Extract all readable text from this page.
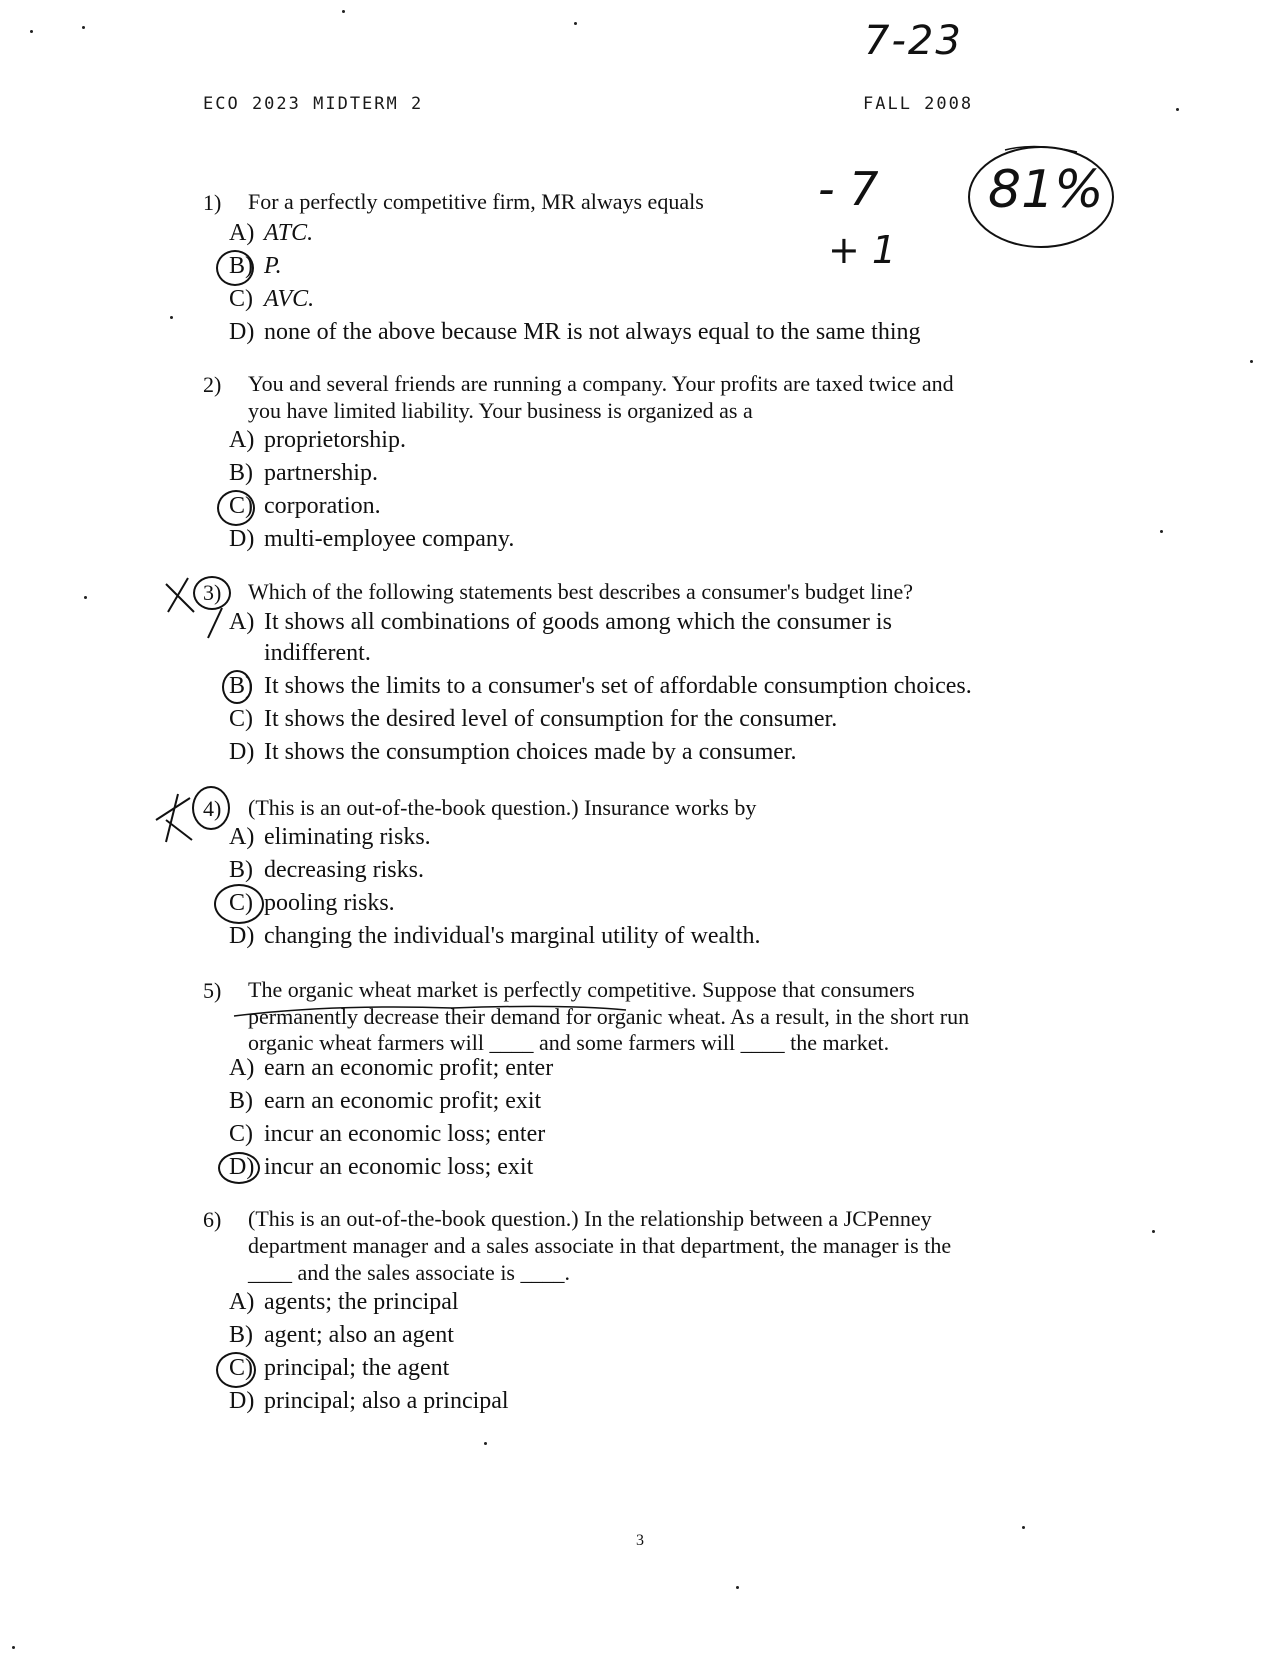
ECO 2023 MIDTERM 2	FALL 2008
7-23
- 7
+ 1
81%
1) For a perfectly competitive firm, MR always equals
A) ATC.
B) P.
C) AVC.
D) none of the above because MR is not always equal to the same thing
2) You and several friends are running a company. Your profits are taxed twice and
you have limited liability. Your business is organized as a
A) proprietorship.
B) partnership.
C) corporation.
D) multi-employee company.
3) Which of the following statements best describes a consumer's budget line?
A) It shows all combinations of goods among which the consumer is
indifferent.
B) It shows the limits to a consumer's set of affordable consumption choices.
C) It shows the desired level of consumption for the consumer.
D) It shows the consumption choices made by a consumer.
4) (This is an out-of-the-book question.) Insurance works by
A) eliminating risks.
B) decreasing risks.
C) pooling risks.
D) changing the individual's marginal utility of wealth.
5) The organic wheat market is perfectly competitive. Suppose that consumers
permanently decrease their demand for organic wheat. As a result, in the short run
organic wheat farmers will ____ and some farmers will ____ the market.
A) earn an economic profit; enter
B) earn an economic profit; exit
C) incur an economic loss; enter
D) incur an economic loss; exit
6) (This is an out-of-the-book question.) In the relationship between a JCPenney
department manager and a sales associate in that department, the manager is the
____ and the sales associate is ____.
A) agents; the principal
B) agent; also an agent
C) principal; the agent
D) principal; also a principal
3
